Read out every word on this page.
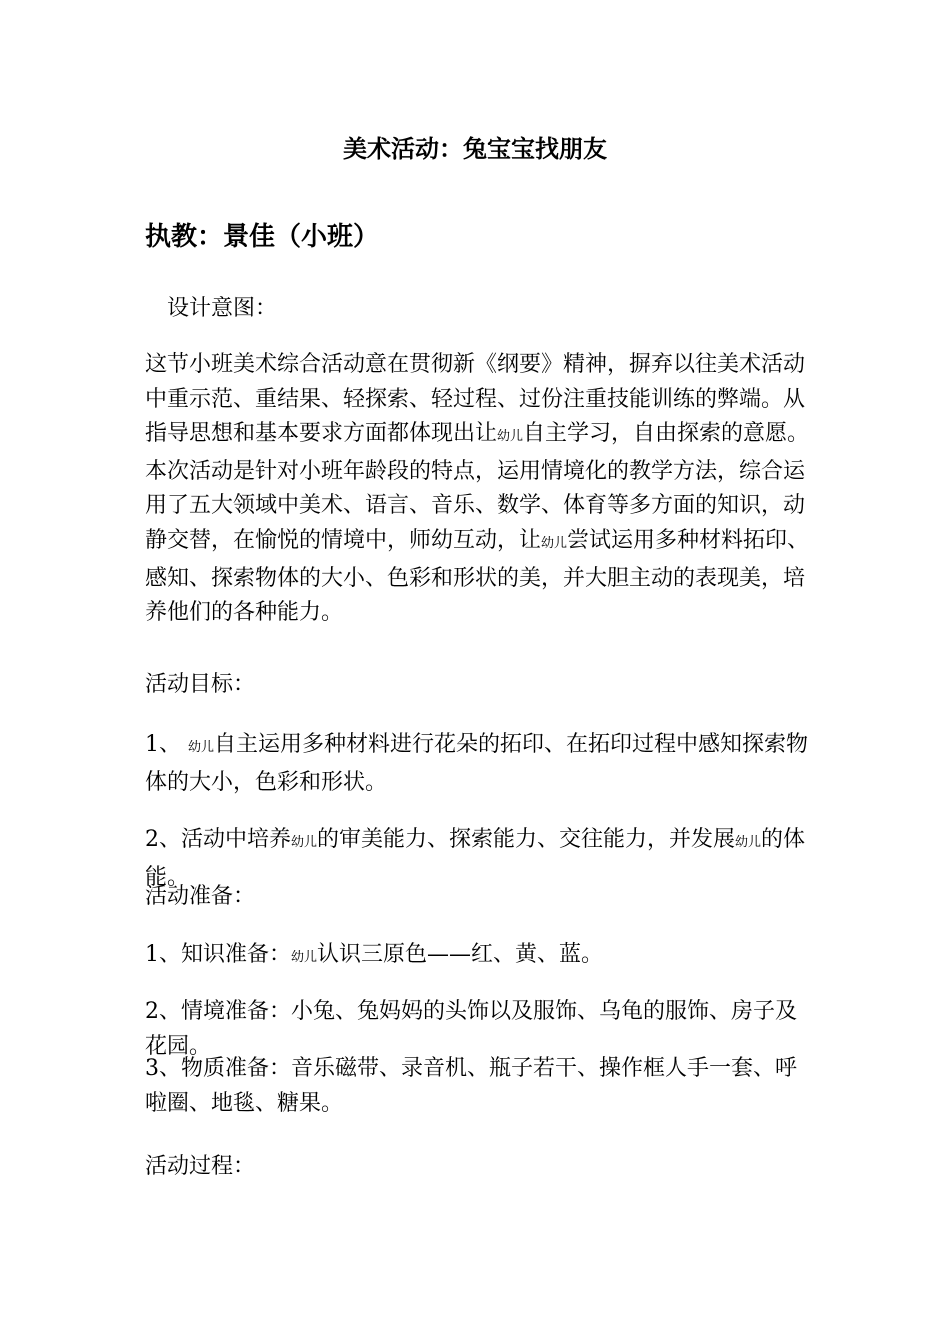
美术活动：兔宝宝找朋友
执教：景佳（小班）

设计意图：

这节小班美术综合活动意在贯彻新《纲要》精神，摒弃以往美术活动中重示范、重结果、轻探索、轻过程、过份注重技能训练的弊端。从指导思想和基本要求方面都体现出让幼儿自主学习，自由探索的意愿。本次活动是针对小班年龄段的特点，运用情境化的教学方法，综合运用了五大领域中美术、语言、音乐、数学、体育等多方面的知识，动静交替，在愉悦的情境中，师幼互动，让幼儿尝试运用多种材料拓印、感知、探索物体的大小、色彩和形状的美，并大胆主动的表现美，培养他们的各种能力。

活动目标：

1、 幼儿自主运用多种材料进行花朵的拓印、在拓印过程中感知探索物体的大小，色彩和形状。

2、活动中培养幼儿的审美能力、探索能力、交往能力，并发展幼儿的体能。

活动准备：

1、知识准备：幼儿认识三原色——红、黄、蓝。

2、情境准备：小兔、兔妈妈的头饰以及服饰、乌龟的服饰、房子及花园。

3、物质准备：音乐磁带、录音机、瓶子若干、操作框人手一套、呼啦圈、地毯、糖果。

活动过程：
